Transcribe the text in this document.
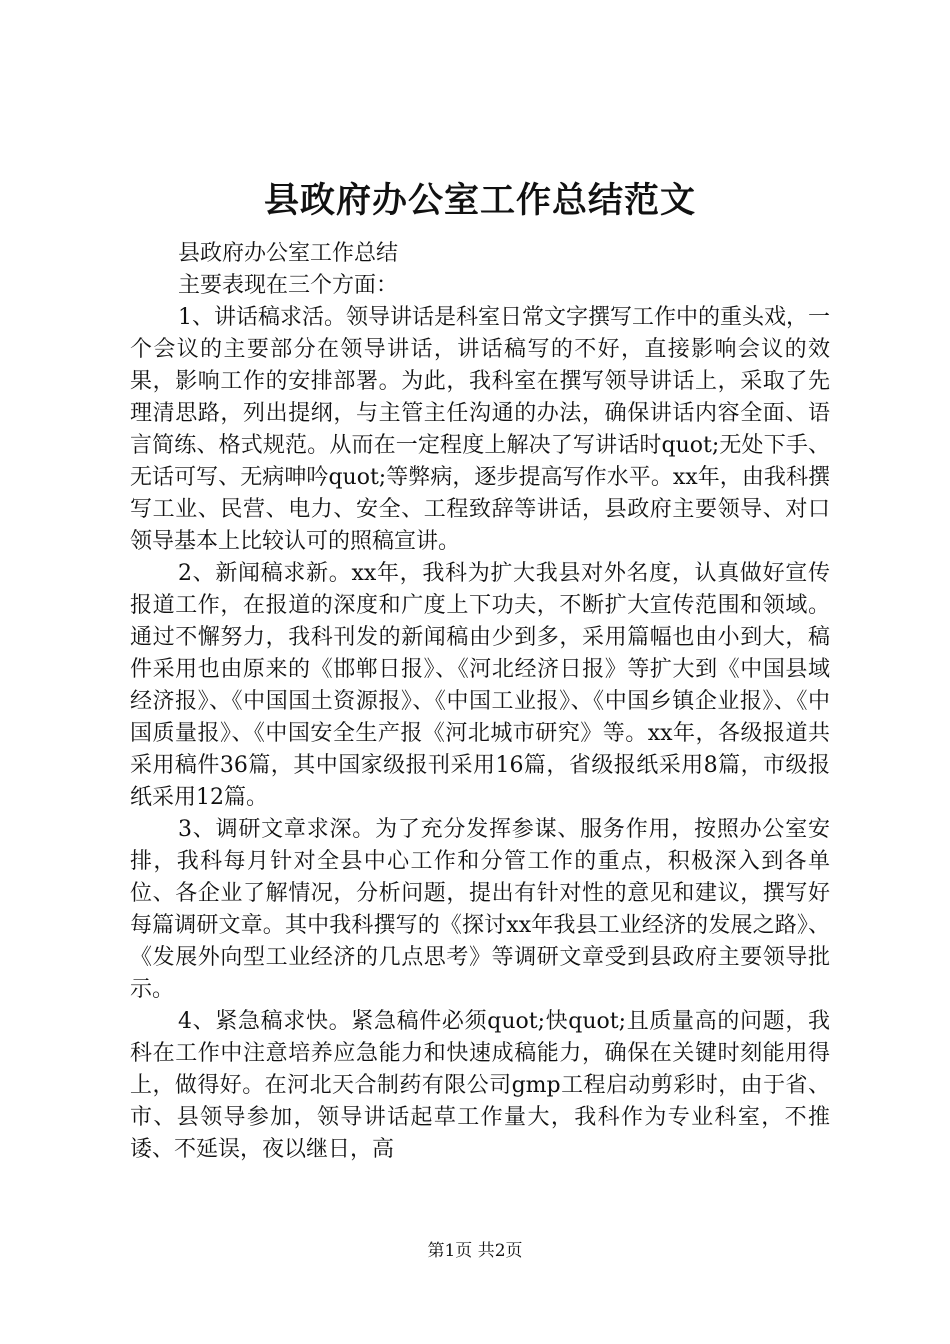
县政府办公室工作总结范文

县政府办公室工作总结

主要表现在三个方面：

1、讲话稿求活。领导讲话是科室日常文字撰写工作中的重头戏，一个会议的主要部分在领导讲话，讲话稿写的不好，直接影响会议的效果，影响工作的安排部署。为此，我科室在撰写领导讲话上，采取了先理清思路，列出提纲，与主管主任沟通的办法，确保讲话内容全面、语言简练、格式规范。从而在一定程度上解决了写讲话时quot;无处下手、无话可写、无病呻吟quot;等弊病，逐步提高写作水平。xx年，由我科撰写工业、民营、电力、安全、工程致辞等讲话，县政府主要领导、对口领导基本上比较认可的照稿宣讲。

2、新闻稿求新。xx年，我科为扩大我县对外名度，认真做好宣传报道工作，在报道的深度和广度上下功夫，不断扩大宣传范围和领域。通过不懈努力，我科刊发的新闻稿由少到多，采用篇幅也由小到大，稿件采用也由原来的《邯郸日报》、《河北经济日报》等扩大到《中国县域经济报》、《中国国土资源报》、《中国工业报》、《中国乡镇企业报》、《中国质量报》、《中国安全生产报《河北城市研究》等。xx年，各级报道共采用稿件36篇，其中国家级报刊采用16篇，省级报纸采用8篇，市级报纸采用12篇。

3、调研文章求深。为了充分发挥参谋、服务作用，按照办公室安排，我科每月针对全县中心工作和分管工作的重点，积极深入到各单位、各企业了解情况，分析问题，提出有针对性的意见和建议，撰写好每篇调研文章。其中我科撰写的《探讨xx年我县工业经济的发展之路》、《发展外向型工业经济的几点思考》等调研文章受到县政府主要领导批示。

4、紧急稿求快。紧急稿件必须quot;快quot;且质量高的问题，我科在工作中注意培养应急能力和快速成稿能力，确保在关键时刻能用得上，做得好。在河北天合制药有限公司gmp工程启动剪彩时，由于省、市、县领导参加，领导讲话起草工作量大，我科作为专业科室，不推诿、不延误，夜以继日，高

第1页 共2页
